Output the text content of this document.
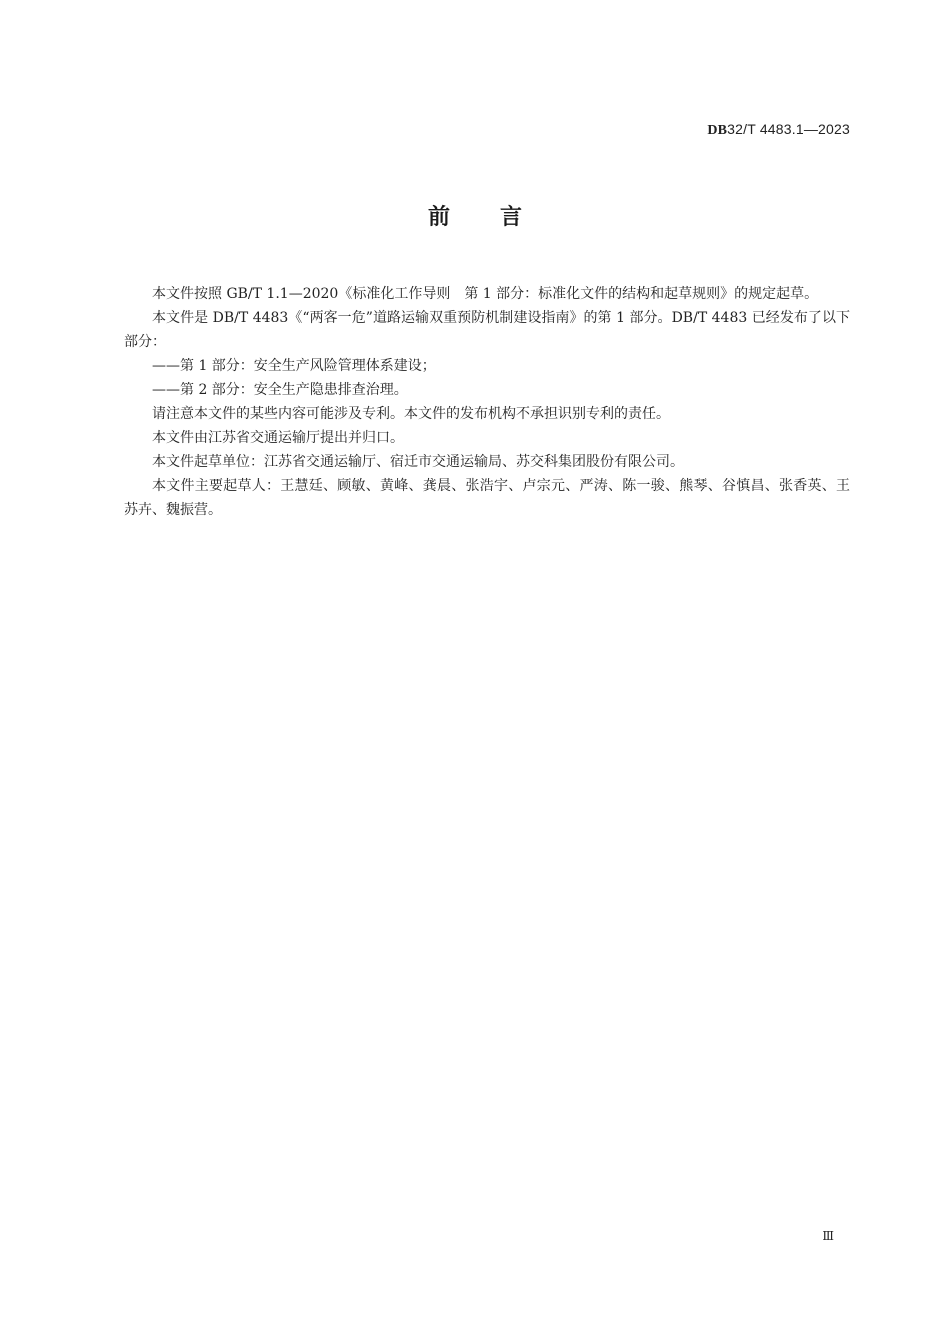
DB32/T 4483.1—2023
前 言

本文件按照 GB/T 1.1—2020《标准化工作导则　第 1 部分：标准化文件的结构和起草规则》的规定起草。

本文件是 DB/T 4483《“两客一危”道路运输双重预防机制建设指南》的第 1 部分。DB/T 4483 已经发布了以下部分：

——第 1 部分：安全生产风险管理体系建设；

——第 2 部分：安全生产隐患排查治理。

请注意本文件的某些内容可能涉及专利。本文件的发布机构不承担识别专利的责任。

本文件由江苏省交通运输厅提出并归口。

本文件起草单位：江苏省交通运输厅、宿迁市交通运输局、苏交科集团股份有限公司。

本文件主要起草人：王慧廷、顾敏、黄峰、龚晨、张浩宇、卢宗元、严涛、陈一骏、熊琴、谷慎昌、张香英、王苏卉、魏振营。

Ⅲ
